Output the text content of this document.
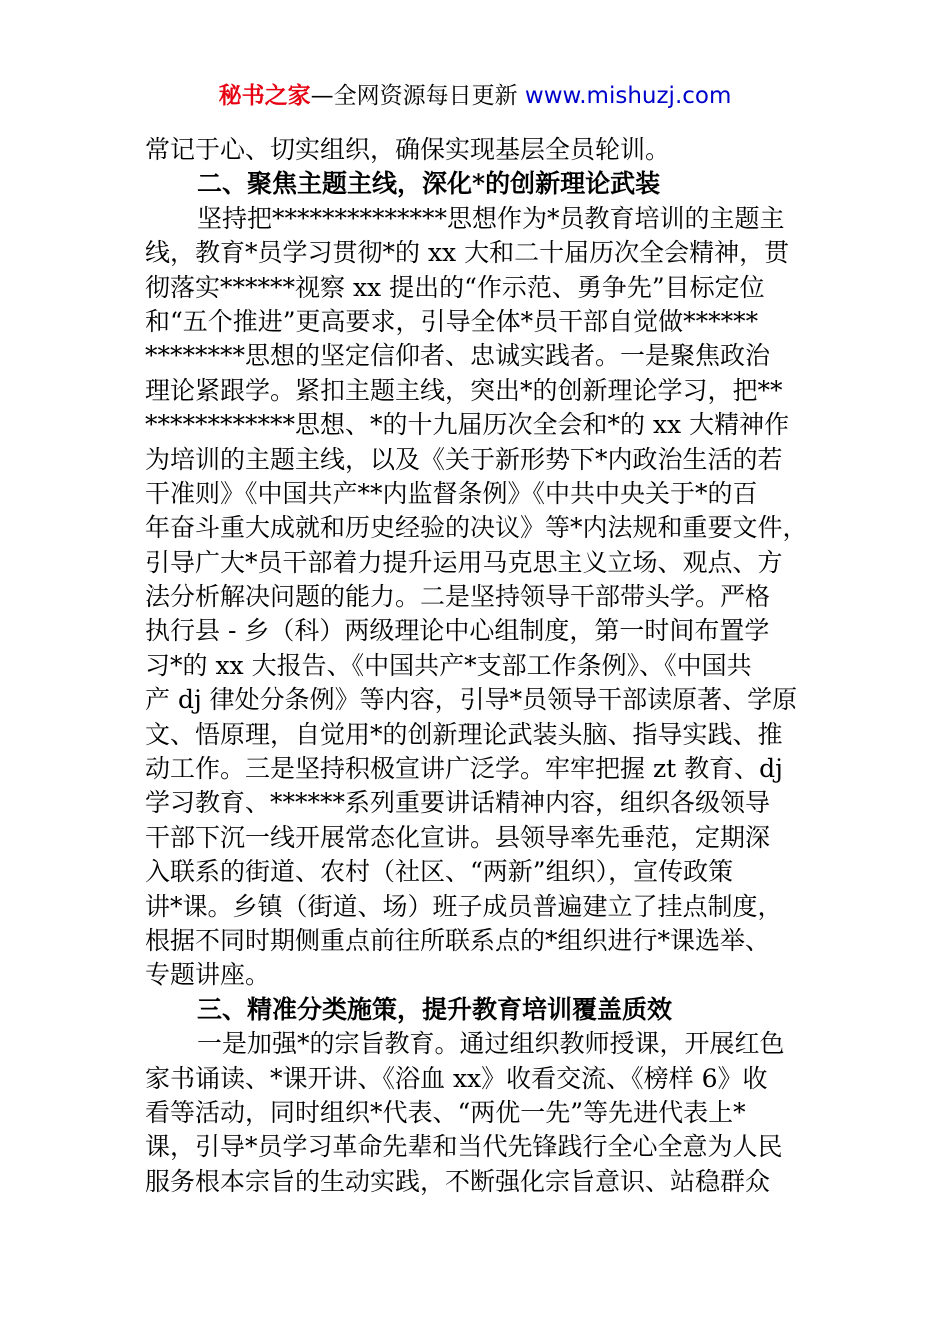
秘书之家—全网资源每日更新 www.mishuzj.com
常记于心、切实组织，确保实现基层全员轮训。
二、聚焦主题主线，深化*的创新理论武装
坚持把**************思想作为*员教育培训的主题主
线，教育*员学习贯彻*的 xx 大和二十届历次全会精神，贯
彻落实******视察 xx 提出的“作示范、勇争先”目标定位
和“五个推进”更高要求，引导全体*员干部自觉做******
********思想的坚定信仰者、忠诚实践者。一是聚焦政治
理论紧跟学。紧扣主题主线，突出*的创新理论学习，把**
************思想、*的十九届历次全会和*的 xx 大精神作
为培训的主题主线，以及《关于新形势下*内政治生活的若
干准则》《中国共产**内监督条例》《中共中央关于*的百
年奋斗重大成就和历史经验的决议》等*内法规和重要文件，
引导广大*员干部着力提升运用马克思主义立场、观点、方
法分析解决问题的能力。二是坚持领导干部带头学。严格
执行县 - 乡（科）两级理论中心组制度，第一时间布置学
习*的 xx 大报告、《中国共产*支部工作条例》、《中国共
产 dj 律处分条例》等内容，引导*员领导干部读原著、学原
文、悟原理，自觉用*的创新理论武装头脑、指导实践、推
动工作。三是坚持积极宣讲广泛学。牢牢把握 zt 教育、dj
学习教育、******系列重要讲话精神内容，组织各级领导
干部下沉一线开展常态化宣讲。县领导率先垂范，定期深
入联系的街道、农村（社区、“两新”组织），宣传政策
讲*课。乡镇（街道、场）班子成员普遍建立了挂点制度，
根据不同时期侧重点前往所联系点的*组织进行*课选举、
专题讲座。
三、精准分类施策，提升教育培训覆盖质效
一是加强*的宗旨教育。通过组织教师授课，开展红色
家书诵读、*课开讲、《浴血 xx》收看交流、《榜样 6》收
看等活动，同时组织*代表、“两优一先”等先进代表上*
课，引导*员学习革命先辈和当代先锋践行全心全意为人民
服务根本宗旨的生动实践，不断强化宗旨意识、站稳群众
